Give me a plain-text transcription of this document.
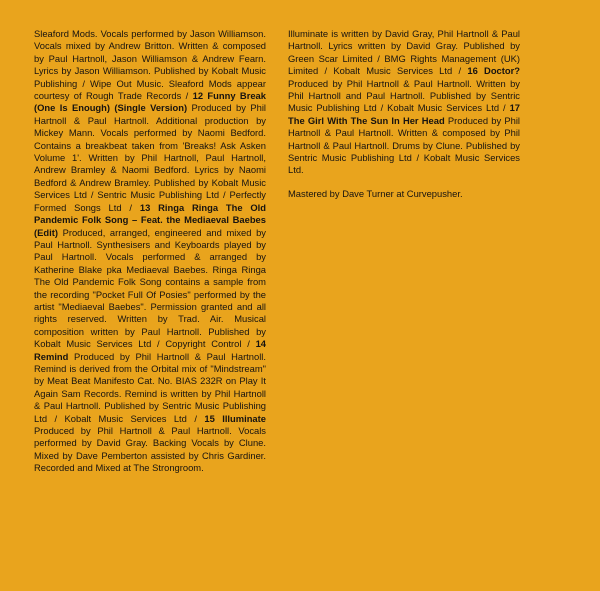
Sleaford Mods. Vocals performed by Jason Williamson. Vocals mixed by Andrew Britton. Written & composed by Paul Hartnoll, Jason Williamson & Andrew Fearn. Lyrics by Jason Williamson. Published by Kobalt Music Publishing / Wipe Out Music. Sleaford Mods appear courtesy of Rough Trade Records / 12 Funny Break (One Is Enough) (Single Version) Produced by Phil Hartnoll & Paul Hartnoll. Additional production by Mickey Mann. Vocals performed by Naomi Bedford. Contains a breakbeat taken from 'Breaks! Ask Asken Volume 1'. Written by Phil Hartnoll, Paul Hartnoll, Andrew Bramley & Naomi Bedford. Lyrics by Naomi Bedford & Andrew Bramley. Published by Kobalt Music Services Ltd / Sentric Music Publishing Ltd / Perfectly Formed Songs Ltd / 13 Ringa Ringa The Old Pandemic Folk Song – Feat. the Mediaeval Baebes (Edit) Produced, arranged, engineered and mixed by Paul Hartnoll. Synthesisers and Keyboards played by Paul Hartnoll. Vocals performed & arranged by Katherine Blake pka Mediaeval Baebes. Ringa Ringa The Old Pandemic Folk Song contains a sample from the recording "Pocket Full Of Posies" performed by the artist "Mediaeval Baebes". Permission granted and all rights reserved. Written by Trad. Air. Musical composition written by Paul Hartnoll. Published by Kobalt Music Services Ltd / Copyright Control / 14 Remind Produced by Phil Hartnoll & Paul Hartnoll. Remind is derived from the Orbital mix of "Mindstream" by Meat Beat Manifesto Cat. No. BIAS 232R on Play It Again Sam Records. Remind is written by Phil Hartnoll & Paul Hartnoll. Published by Sentric Music Publishing Ltd / Kobalt Music Services Ltd / 15 Illuminate Produced by Phil Hartnoll & Paul Hartnoll. Vocals performed by David Gray. Backing Vocals by Clune. Mixed by Dave Pemberton assisted by Chris Gardiner. Recorded and Mixed at The Strongroom.

Illuminate is written by David Gray, Phil Hartnoll & Paul Hartnoll. Lyrics written by David Gray. Published by Green Scar Limited / BMG Rights Management (UK) Limited / Kobalt Music Services Ltd / 16 Doctor? Produced by Phil Hartnoll & Paul Hartnoll. Written by Phil Hartnoll and Paul Hartnoll. Published by Sentric Music Publishing Ltd / Kobalt Music Services Ltd / 17 The Girl With The Sun In Her Head Produced by Phil Hartnoll & Paul Hartnoll. Written & composed by Phil Hartnoll & Paul Hartnoll. Drums by Clune. Published by Sentric Music Publishing Ltd / Kobalt Music Services Ltd.

Mastered by Dave Turner at Curvepusher.
